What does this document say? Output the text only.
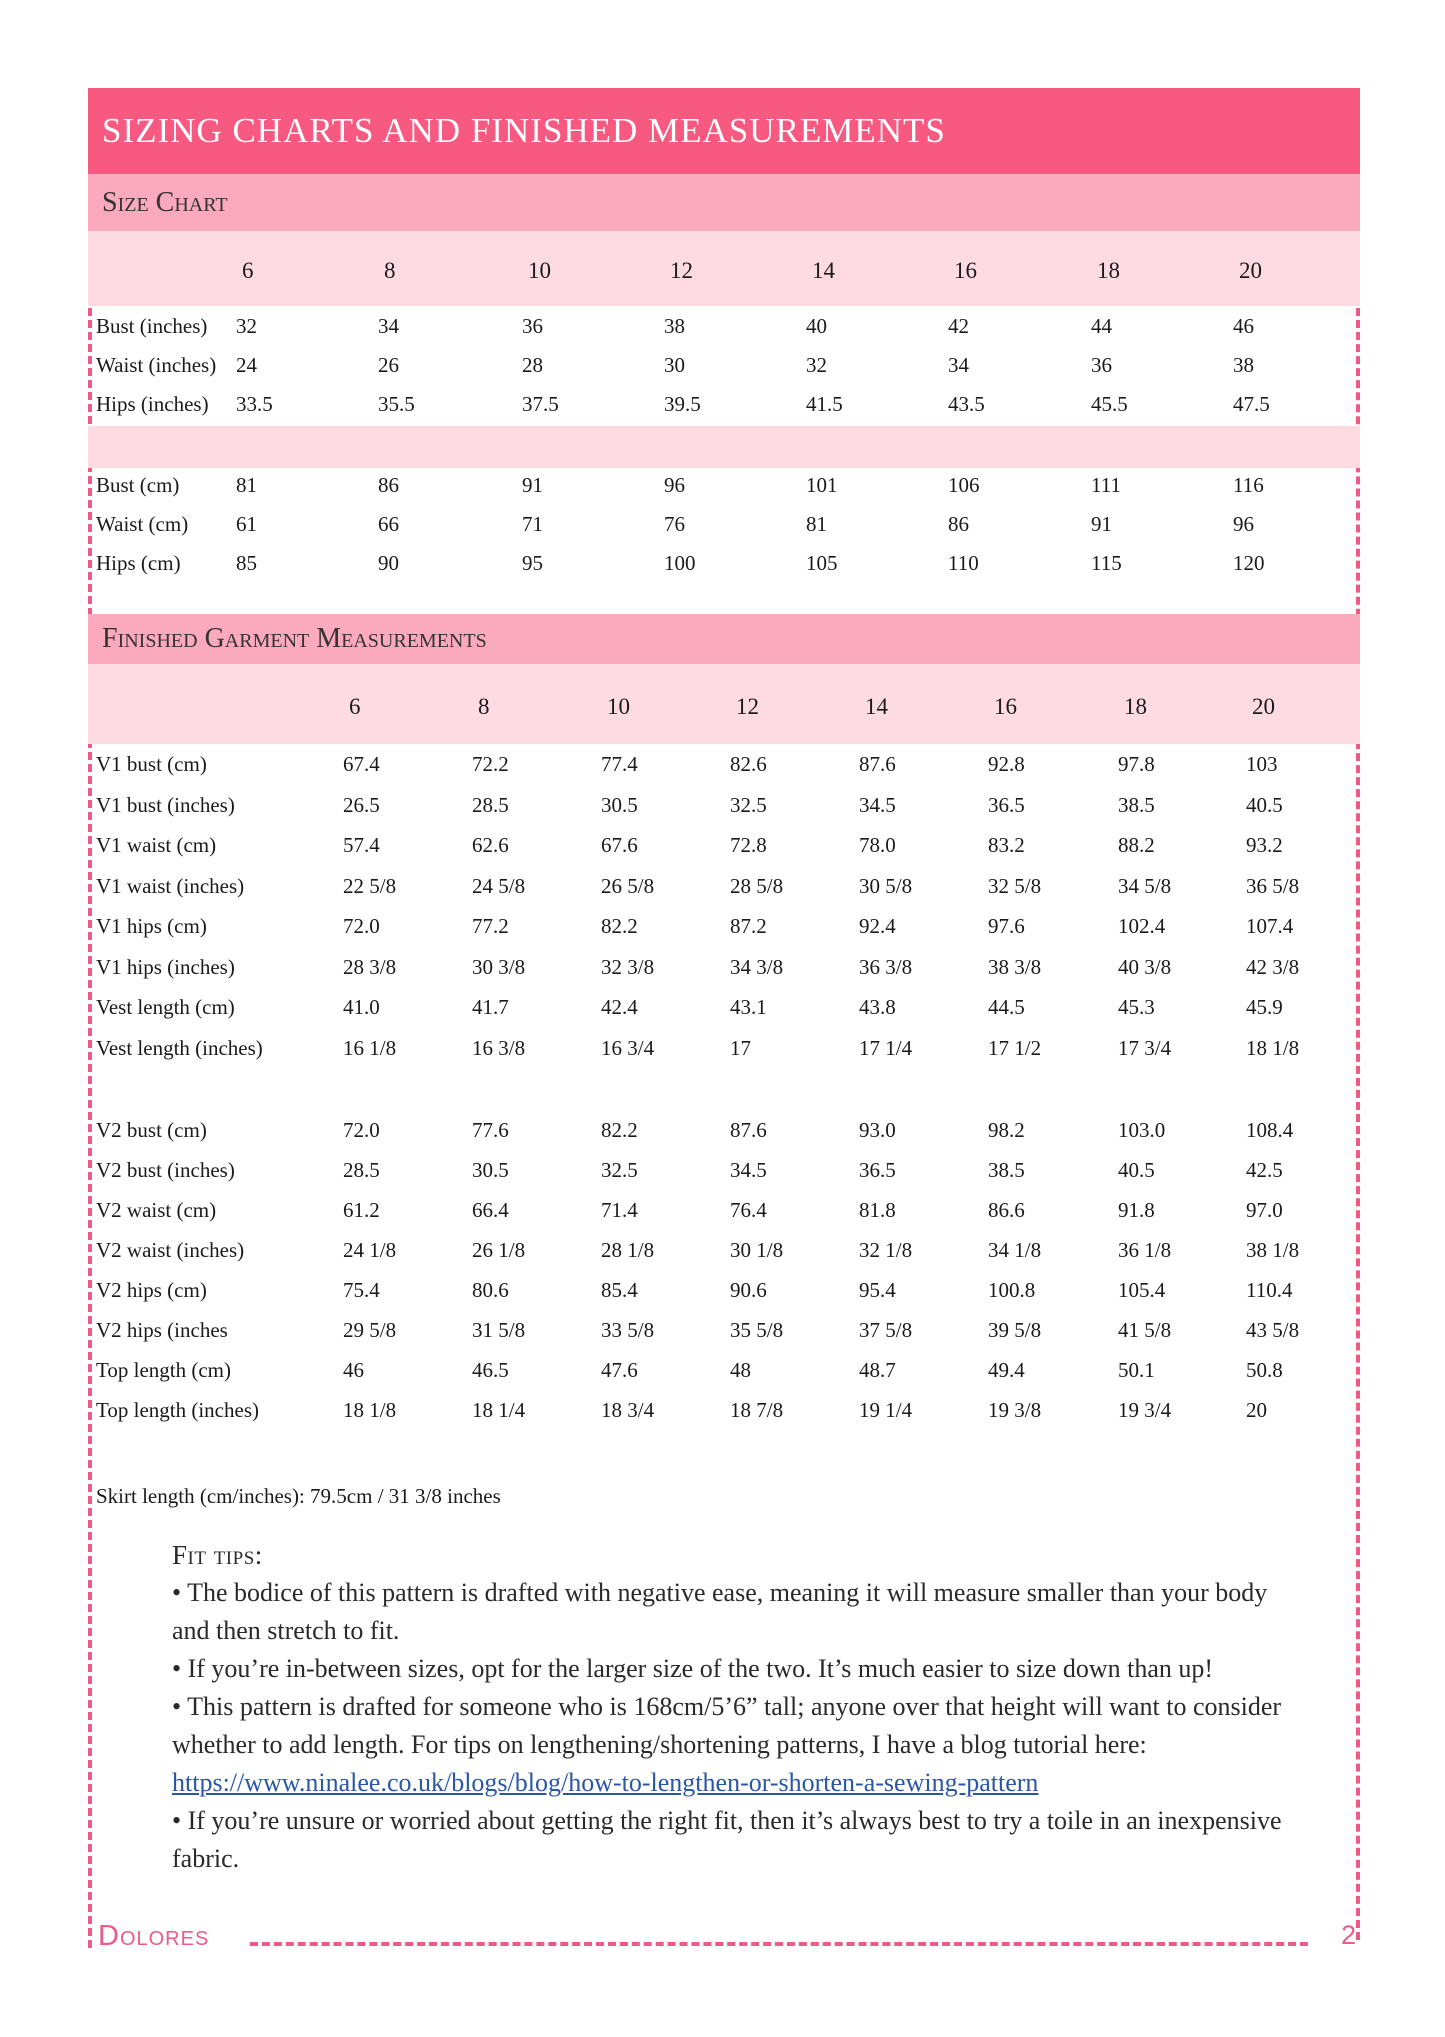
SIZING CHARTS AND FINISHED MEASUREMENTS
Size Chart
6	8	10	12	14	16	18	20
Bust (inches) 32	34	36	38	40	42	44	46
Waist (inches) 24	26	28	30	32	34	36	38
Hips (inches) 33.5	35.5	37.5	39.5	41.5	43.5	45.5	47.5
Bust (cm)	81	86	91	96	101	106	111	116
Waist (cm) 61	66	71	76	81	86	91	96
Hips (cm)	85	90	95	100	105	110	115	120
Finished Garment Measurements
6	8	10	12	14	16	18	20
V1 bust (cm)	67.4	72.2	77.4	82.6	87.6	92.8	97.8	103
V1 bust (inches)	26.5	28.5	30.5	32.5	34.5	36.5	38.5	40.5
V1 waist (cm)	57.4	62.6	67.6	72.8	78.0	83.2	88.2	93.2
V1 waist (inches)	22 5/8	24 5/8	26 5/8	28 5/8	30 5/8	32 5/8	34 5/8	36 5/8
V1 hips (cm)	72.0	77.2	82.2	87.2	92.4	97.6	102.4	107.4
V1 hips (inches)	28 3/8	30 3/8	32 3/8	34 3/8	36 3/8	38 3/8	40 3/8	42 3/8
Vest length (cm)	41.0	41.7	42.4	43.1	43.8	44.5	45.3	45.9
Vest length (inches)	16 1/8	16 3/8	16 3/4	17	17 1/4	17 1/2	17 3/4	18 1/8
V2 bust (cm)	72.0	77.6	82.2	87.6	93.0	98.2	103.0	108.4
V2 bust (inches)	28.5	30.5	32.5	34.5	36.5	38.5	40.5	42.5
V2 waist (cm)	61.2	66.4	71.4	76.4	81.8	86.6	91.8	97.0
V2 waist (inches)	24 1/8	26 1/8	28 1/8	30 1/8	32 1/8	34 1/8	36 1/8	38 1/8
V2 hips (cm)	75.4	80.6	85.4	90.6	95.4	100.8	105.4	110.4
V2 hips (inches	29 5/8	31 5/8	33 5/8	35 5/8	37 5/8	39 5/8	41 5/8	43 5/8
Top length (cm)	46	46.5	47.6	48	48.7	49.4	50.1	50.8
Top length (inches)	18 1/8	18 1/4	18 3/4	18 7/8	19 1/4	19 3/8	19 3/4	20
Skirt length (cm/inches): 79.5cm / 31 3/8 inches
Fit tips:
• The bodice of this pattern is drafted with negative ease, meaning it will measure smaller than your body and then stretch to fit.
• If you’re in-between sizes, opt for the larger size of the two. It’s much easier to size down than up!
• This pattern is drafted for someone who is 168cm/5’6” tall; anyone over that height will want to consider whether to add length. For tips on lengthening/shortening patterns, I have a blog tutorial here: https://www.ninalee.co.uk/blogs/blog/how-to-lengthen-or-shorten-a-sewing-pattern
• If you’re unsure or worried about getting the right fit, then it’s always best to try a toile in an inexpensive fabric.
Dolores	2
